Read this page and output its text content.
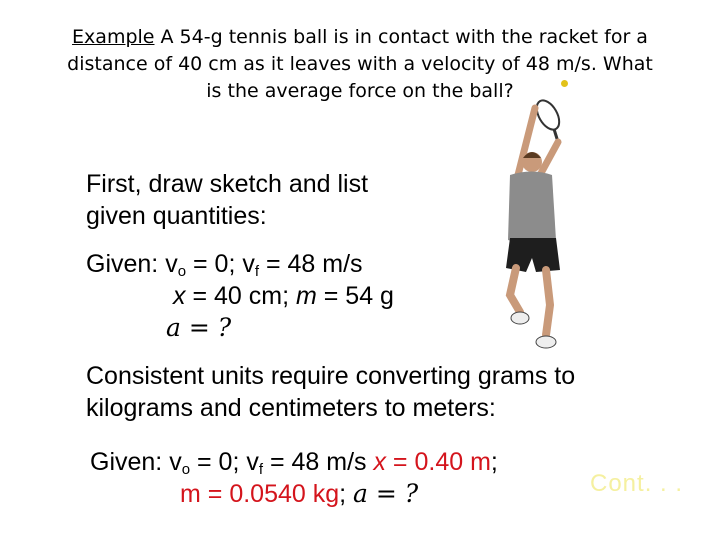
Example A 54-g tennis ball is in contact with the racket for a
distance of 40 cm as it leaves with a velocity of 48 m/s. What
is the average force on the ball?
First, draw sketch and list
given quantities:
Given: $v_o = 0$; $v_f = 48$ m/s
x = 40 cm; m = 54 g
a = ?
Consistent units require converting grams to
kilograms and centimeters to meters:
Given: $v_o = 0$; $v_f = 48$ m/s x = 0.40 m;
m = 0.0540 kg; a = ?	Cont. . .
